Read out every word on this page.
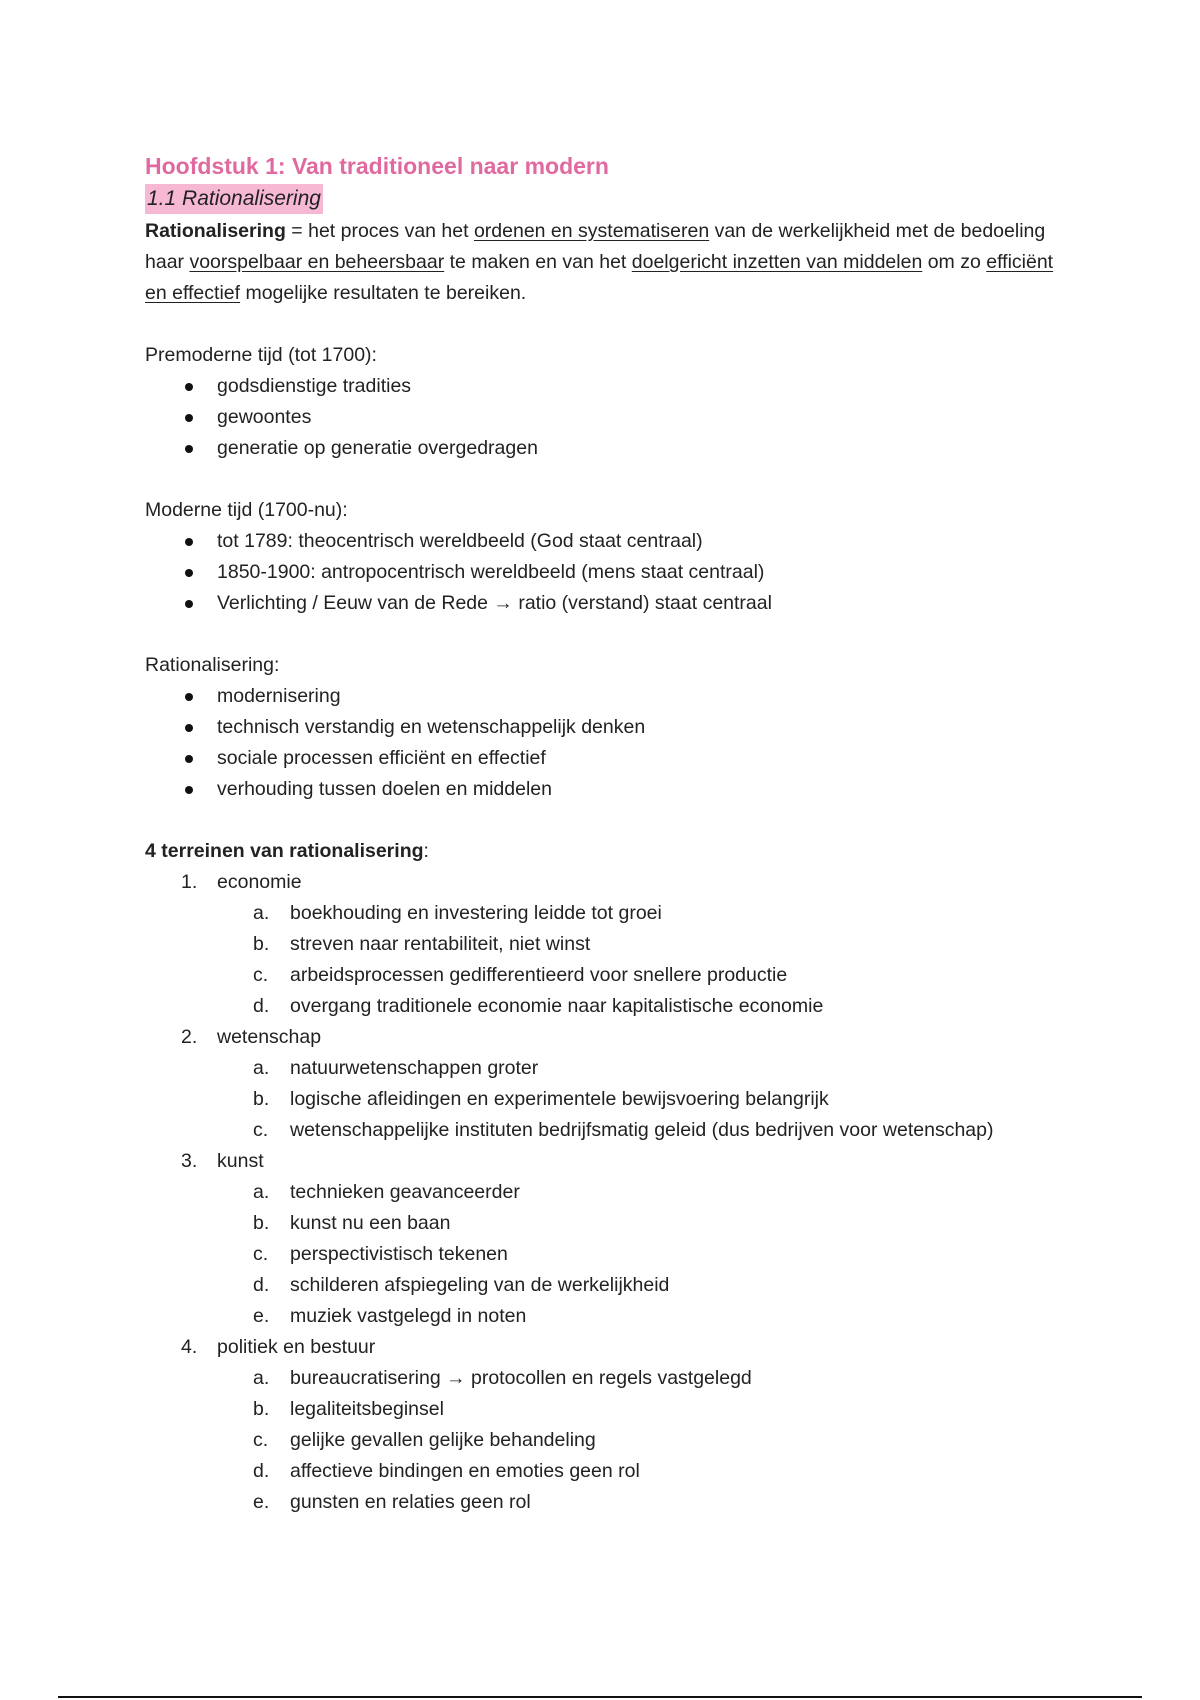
Hoofdstuk 1: Van traditioneel naar modern
1.1 Rationalisering

Rationalisering = het proces van het ordenen en systematiseren van de werkelijkheid met de bedoeling haar voorspelbaar en beheersbaar te maken en van het doelgericht inzetten van middelen om zo efficiënt en effectief mogelijke resultaten te bereiken.

Premoderne tijd (tot 1700):

godsdienstige tradities
gewoontes
generatie op generatie overgedragen

Moderne tijd (1700-nu):

tot 1789: theocentrisch wereldbeeld (God staat centraal)
1850-1900: antropocentrisch wereldbeeld (mens staat centraal)
Verlichting / Eeuw van de Rede → ratio (verstand) staat centraal

Rationalisering:

modernisering
technisch verstandig en wetenschappelijk denken
sociale processen efficiënt en effectief
verhouding tussen doelen en middelen

4 terreinen van rationalisering:

1.	economie
a.	boekhouding en investering leidde tot groei
b.	streven naar rentabiliteit, niet winst
c.	arbeidsprocessen gedifferentieerd voor snellere productie
d.	overgang traditionele economie naar kapitalistische economie
2.	wetenschap
a.	natuurwetenschappen groter
b.	logische afleidingen en experimentele bewijsvoering belangrijk
c.	wetenschappelijke instituten bedrijfsmatig geleid (dus bedrijven voor wetenschap)
3.	kunst
a.	technieken geavanceerder
b.	kunst nu een baan
c.	perspectivistisch tekenen
d.	schilderen afspiegeling van de werkelijkheid
e.	muziek vastgelegd in noten
4.	politiek en bestuur
a.	bureaucratisering → protocollen en regels vastgelegd
b.	legaliteitsbeginsel
c.	gelijke gevallen gelijke behandeling
d.	affectieve bindingen en emoties geen rol
e.	gunsten en relaties geen rol
